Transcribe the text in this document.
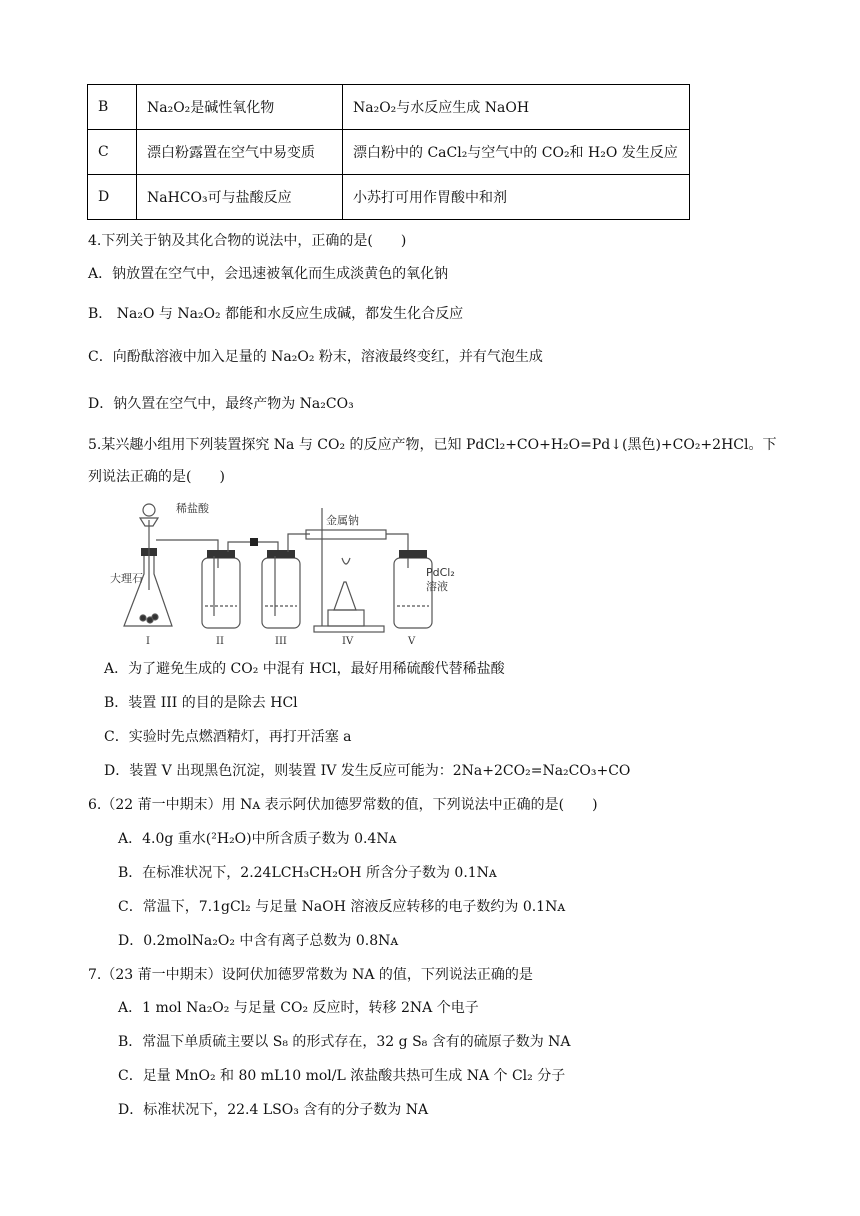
B	Na₂O₂是碱性氧化物	Na₂O₂与水反应生成 NaOH
C	漂白粉露置在空气中易变质	漂白粉中的 CaCl₂与空气中的 CO₂和 H₂O 发生反应
D	NaHCO₃可与盐酸反应	小苏打可用作胃酸中和剂
4.下列关于钠及其化合物的说法中，正确的是(　　)
A．钠放置在空气中，会迅速被氧化而生成淡黄色的氧化钠
B． Na₂O 与 Na₂O₂ 都能和水反应生成碱，都发生化合反应
C．向酚酞溶液中加入足量的 Na₂O₂ 粉末，溶液最终变红，并有气泡生成
D．钠久置在空气中，最终产物为 Na₂CO₃
5.某兴趣小组用下列装置探究 Na 与 CO₂ 的反应产物，已知 PdCl₂+CO+H₂O=Pd↓(黑色)+CO₂+2HCl。下
列说法正确的是(　　)
稀盐酸
大理石
金属钠
PdCl₂
溶液
I	II	III	IV	V
A．为了避免生成的 CO₂ 中混有 HCl，最好用稀硫酸代替稀盐酸
B．装置 III 的目的是除去 HCl
C．实验时先点燃酒精灯，再打开活塞 a
D．装置 V 出现黑色沉淀，则装置 IV 发生反应可能为：2Na+2CO₂=Na₂CO₃+CO
6.（22 莆一中期末）用 Nᴀ 表示阿伏加德罗常数的值，下列说法中正确的是(　　)
A．4.0g 重水(²H₂O)中所含质子数为 0.4Nᴀ
B．在标准状况下，2.24LCH₃CH₂OH 所含分子数为 0.1Nᴀ
C．常温下，7.1gCl₂ 与足量 NaOH 溶液反应转移的电子数约为 0.1Nᴀ
D．0.2molNa₂O₂ 中含有离子总数为 0.8Nᴀ
7.（23 莆一中期末）设阿伏加德罗常数为 NA 的值，下列说法正确的是
A．1 mol Na₂O₂ 与足量 CO₂ 反应时，转移 2NA 个电子
B．常温下单质硫主要以 S₈ 的形式存在，32 g S₈ 含有的硫原子数为 NA
C．足量 MnO₂ 和 80 mL10 mol/L 浓盐酸共热可生成 NA 个 Cl₂ 分子
D．标准状况下，22.4 LSO₃ 含有的分子数为 NA
